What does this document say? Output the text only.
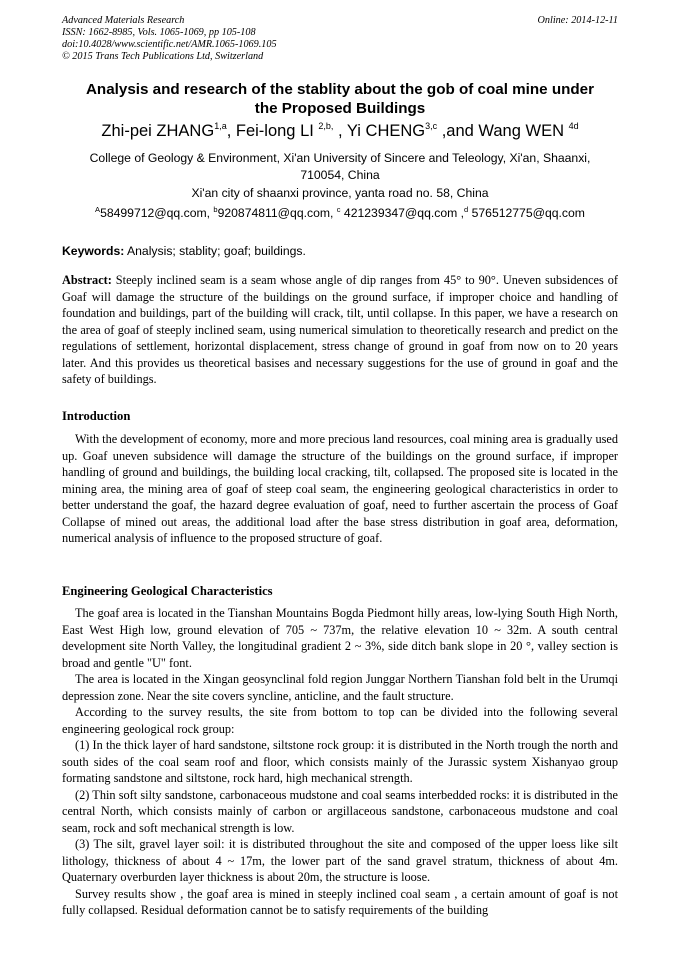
Advanced Materials Research
ISSN: 1662-8985, Vols. 1065-1069, pp 105-108
doi:10.4028/www.scientific.net/AMR.1065-1069.105
© 2015 Trans Tech Publications Ltd, Switzerland
Online: 2014-12-11
Analysis and research of the stablity about the gob of coal mine under
the Proposed Buildings
Zhi-pei ZHANG$^{1,a}$, Fei-long LI $^{2,b,}$ , Yi CHENG$^{3,c}$ ,and Wang WEN $^{4d}$
College of Geology & Environment, Xi'an University of Sincere and Teleology, Xi'an, Shaanxi,
710054, China
Xi'an city of shaanxi province, yanta road no. 58, China
$^A$58499712@qq.com, $^b$920874811@qq.com, $^c$ 421239347@qq.com ,$^d$ 576512775@qq.com
Keywords: Analysis; stablity; goaf; buildings.

Abstract: Steeply inclined seam is a seam whose angle of dip ranges from 45° to 90°. Uneven subsidences of Goaf will damage the structure of the buildings on the ground surface, if improper choice and handling of foundation and buildings, part of the building will crack, tilt, until collapse. In this paper, we have a research on the area of goaf of steeply inclined seam, using numerical simulation to theoretically research and predict on the regulations of settlement, horizontal displacement, stress change of ground in goaf from now on to 20 years later. And this provides us theoretical basises and necessary suggestions for the use of ground in goaf and the safety of buildings.

Introduction

With the development of economy, more and more precious land resources, coal mining area is gradually used up. Goaf uneven subsidence will damage the structure of the buildings on the ground surface, if improper handling of ground and buildings, the building local cracking, tilt, collapsed. The proposed site is located in the mining area, the mining area of goaf of steep coal seam, the engineering geological characteristics in order to better understand the goaf, the hazard degree evaluation of goaf, need to further ascertain the process of Goaf Collapse of mined out areas, the additional load after the base stress distribution in goaf area, deformation, numerical analysis of influence to the proposed structure of goaf.

Engineering Geological Characteristics

The goaf area is located in the Tianshan Mountains Bogda Piedmont hilly areas, low-lying South High North, East West High low, ground elevation of 705 ~ 737m, the relative elevation 10 ~ 32m. A south central development site North Valley, the longitudinal gradient 2 ~ 3%, side ditch bank slope in 20 °, valley section is broad and gentle "U" font.

The area is located in the Xingan geosynclinal fold region Junggar Northern Tianshan fold belt in the Urumqi depression zone. Near the site covers syncline, anticline, and the fault structure.

According to the survey results, the site from bottom to top can be divided into the following several engineering geological rock group:

(1) In the thick layer of hard sandstone, siltstone rock group: it is distributed in the North trough the north and south sides of the coal seam roof and floor, which consists mainly of the Jurassic system Xishanyao group formating sandstone and siltstone, rock hard, high mechanical strength.

(2) Thin soft silty sandstone, carbonaceous mudstone and coal seams interbedded rocks: it is distributed in the central North, which consists mainly of carbon or argillaceous sandstone, carbonaceous mudstone and coal seam, rock and soft mechanical strength is low.

(3) The silt, gravel layer soil: it is distributed throughout the site and composed of the upper loess like silt lithology, thickness of about 4 ~ 17m, the lower part of the sand gravel stratum, thickness of about 4m. Quaternary overburden layer thickness is about 20m, the structure is loose.

Survey results show , the goaf area is mined in steeply inclined coal seam , a certain amount of goaf is not fully collapsed. Residual deformation cannot be to satisfy requirements of the building
